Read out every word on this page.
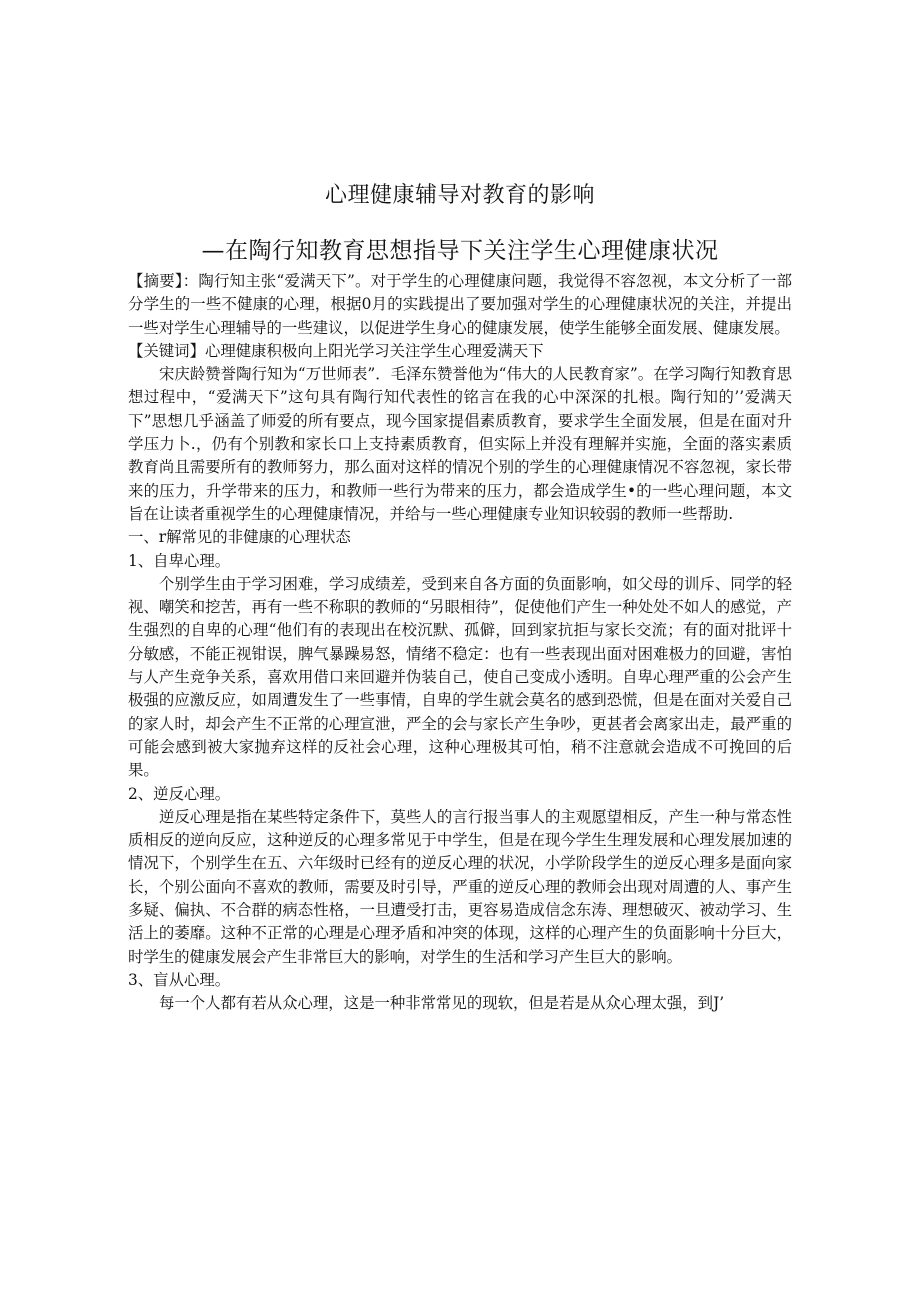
心理健康辅导对教育的影响
—在陶行知教育思想指导下关注学生心理健康状况

【摘要】：陶行知主张“爱满天下”。对于学生的心理健康问题，我觉得不容忽视，本文分析了一部分学生的一些不健康的心理，根据0月的实践提出了要加强对学生的心理健康状况的关注，并提出一些对学生心理辅导的一些建议，以促进学生身心的健康发展，使学生能够全面发展、健康发展。

【关键词】心理健康积极向上阳光学习关注学生心理爱满天下

宋庆龄赞誉陶行知为“万世师表”．毛泽东赞誉他为“伟大的人民教育家”。在学习陶行知教育思想过程中，“爱满天下”这句具有陶行知代表性的铭言在我的心中深深的扎根。陶行知的’’爱满天下”思想几乎涵盖了师爱的所有要点，现今国家提倡素质教育，要求学生全面发展，但是在面对升学压力卜.，仍有个别教和家长口上支持素质教育，但实际上并没有理解并实施，全面的落实素质教育尚且需要所有的教师努力，那么面对这样的情况个别的学生的心理健康情况不容忽视，家长带来的压力，升学带来的压力，和教师一些行为带来的压力，都会造成学生•的一些心理问题，本文旨在让读者重视学生的心理健康情况，并给与一些心理健康专业知识较弱的教师一些帮助.

一、r解常见的非健康的心理状态

1、自卑心理。

个别学生由于学习困难，学习成绩差，受到来自各方面的负面影响，如父母的训斥、同学的轻视、嘲笑和挖苦，再有一些不称职的教师的“另眼相待”，促使他们产生一种处处不如人的感觉，产生强烈的自卑的心理“他们有的表现出在校沉默、孤僻，回到家抗拒与家长交流；有的面对批评十分敏感，不能正视钳误，脾气暴躁易怒，情绪不稳定：也有一些表现出面对困难极力的回避，害怕与人产生竞争关系，喜欢用借口来回避并伪装自己，使自己变成小透明。自卑心理严重的公会产生极强的应激反应，如周遭发生了一些事情，自卑的学生就会莫名的感到恐慌，但是在面对关爱自己的家人时，却会产生不正常的心理宣泄，严全的会与家长产生争吵，更甚者会离家出走，最严重的可能会感到被大家抛弃这样的反社会心理，这种心理极其可怕，稍不注意就会造成不可挽回的后果。

2、逆反心理。

逆反心理是指在某些特定条件下，莫些人的言行报当事人的主观愿望相反，产生一种与常态性质相反的逆向反应，这种逆反的心理多常见于中学生，但是在现今学生生理发展和心理发展加速的情况下，个别学生在五、六年级时已经有的逆反心理的状况，小学阶段学生的逆反心理多是面向家长，个别公面向不喜欢的教师，需要及时引导，严重的逆反心理的教师会出现对周遭的人、事产生多疑、偏执、不合群的病态性格，一旦遭受打击，更容易造成信念东涛、理想破灭、被动学习、生活上的萎靡。这种不正常的心理是心理矛盾和冲突的体现，这样的心理产生的负面影响十分巨大，时学生的健康发展会产生非常巨大的影响，对学生的生活和学习产生巨大的影响。

3、盲从心理。

每一个人都有若从众心理，这是一种非常常见的现软，但是若是从众心理太强，到J’
